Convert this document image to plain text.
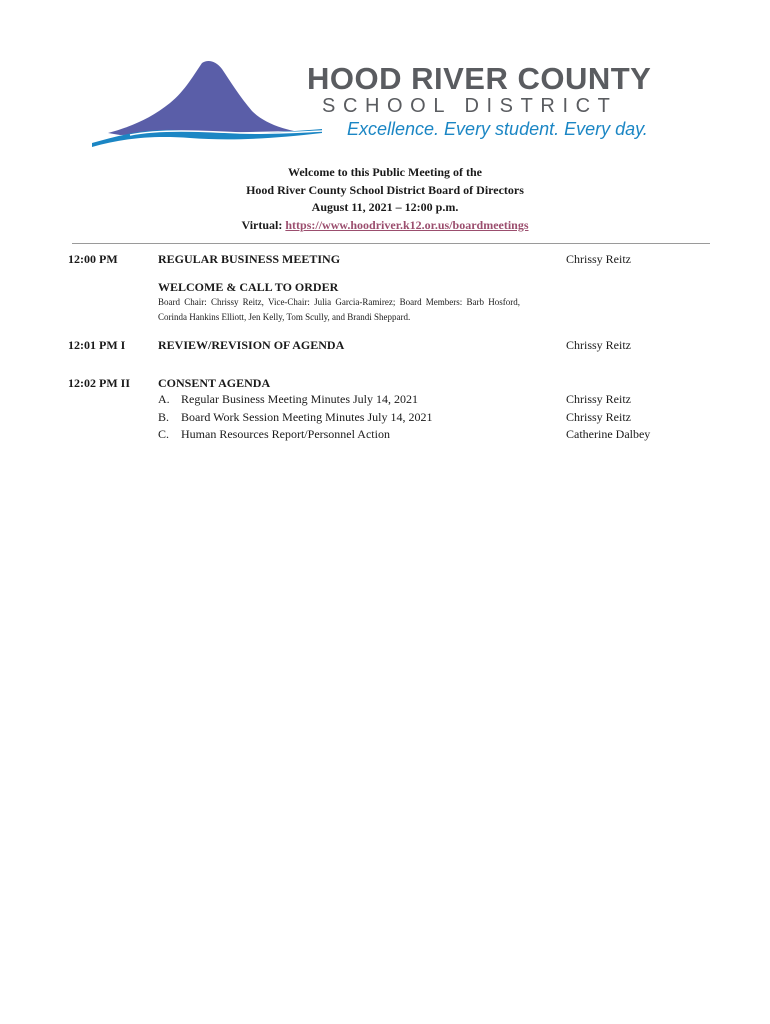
HOOD RIVER COUNTY
SCHOOL DISTRICT
Excellence. Every student. Every day.
Welcome to this Public Meeting of the
Hood River County School District Board of Directors
August 11, 2021 – 12:00 p.m.
Virtual: https://www.hoodriver.k12.or.us/boardmeetings
12:00 PM	REGULAR BUSINESS MEETING	Chrissy Reitz
WELCOME & CALL TO ORDER
Board Chair: Chrissy Reitz, Vice-Chair: Julia Garcia-Ramirez; Board Members: Barb Hosford, Corinda Hankins Elliott, Jen Kelly, Tom Scully, and Brandi Sheppard.
12:01 PM I	REVIEW/REVISION OF AGENDA	Chrissy Reitz
12:02 PM II CONSENT AGENDA
A. Regular Business Meeting Minutes July 14, 2021	Chrissy Reitz
B. Board Work Session Meeting Minutes July 14, 2021	Chrissy Reitz
C. Human Resources Report/Personnel Action	Catherine Dalbey
